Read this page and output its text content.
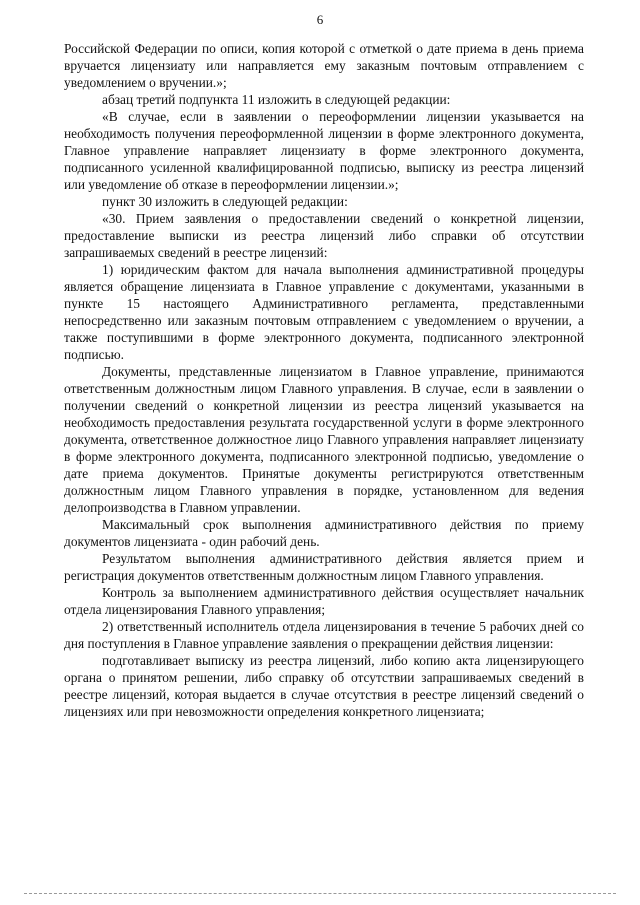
6

Российской Федерации по описи, копия которой с отметкой о дате приема в день приема вручается лицензиату или направляется ему заказным почтовым отправлением с уведомлением о вручении.»;

абзац третий подпункта 11 изложить в следующей редакции:

«В случае, если в заявлении о переоформлении лицензии указывается на необходимость получения переоформленной лицензии в форме электронного документа, Главное управление направляет лицензиату в форме электронного документа, подписанного усиленной квалифицированной подписью, выписку из реестра лицензий или уведомление об отказе в переоформлении лицензии.»;

пункт 30 изложить в следующей редакции:

«30. Прием заявления о предоставлении сведений о конкретной лицензии, предоставление выписки из реестра лицензий либо справки об отсутствии запрашиваемых сведений в реестре лицензий:

1) юридическим фактом для начала выполнения административной процедуры является обращение лицензиата в Главное управление с документами, указанными в пункте 15 настоящего Административного регламента, представленными непосредственно или заказным почтовым отправлением с уведомлением о вручении, а также поступившими в форме электронного документа, подписанного электронной подписью.

Документы, представленные лицензиатом в Главное управление, принимаются ответственным должностным лицом Главного управления. В случае, если в заявлении о получении сведений о конкретной лицензии из реестра лицензий указывается на необходимость предоставления результата государственной услуги в форме электронного документа, ответственное должностное лицо Главного управления направляет лицензиату в форме электронного документа, подписанного электронной подписью, уведомление о дате приема документов. Принятые документы регистрируются ответственным должностным лицом Главного управления в порядке, установленном для ведения делопроизводства в Главном управлении.

Максимальный срок выполнения административного действия по приему документов лицензиата - один рабочий день.

Результатом выполнения административного действия является прием и регистрация документов ответственным должностным лицом Главного управления.

Контроль за выполнением административного действия осуществляет начальник отдела лицензирования Главного управления;

2) ответственный исполнитель отдела лицензирования в течение 5 рабочих дней со дня поступления в Главное управление заявления о прекращении действия лицензии:

подготавливает выписку из реестра лицензий, либо копию акта лицензирующего органа о принятом решении, либо справку об отсутствии запрашиваемых сведений в реестре лицензий, которая выдается в случае отсутствия в реестре лицензий сведений о лицензиях или при невозможности определения конкретного лицензиата;
